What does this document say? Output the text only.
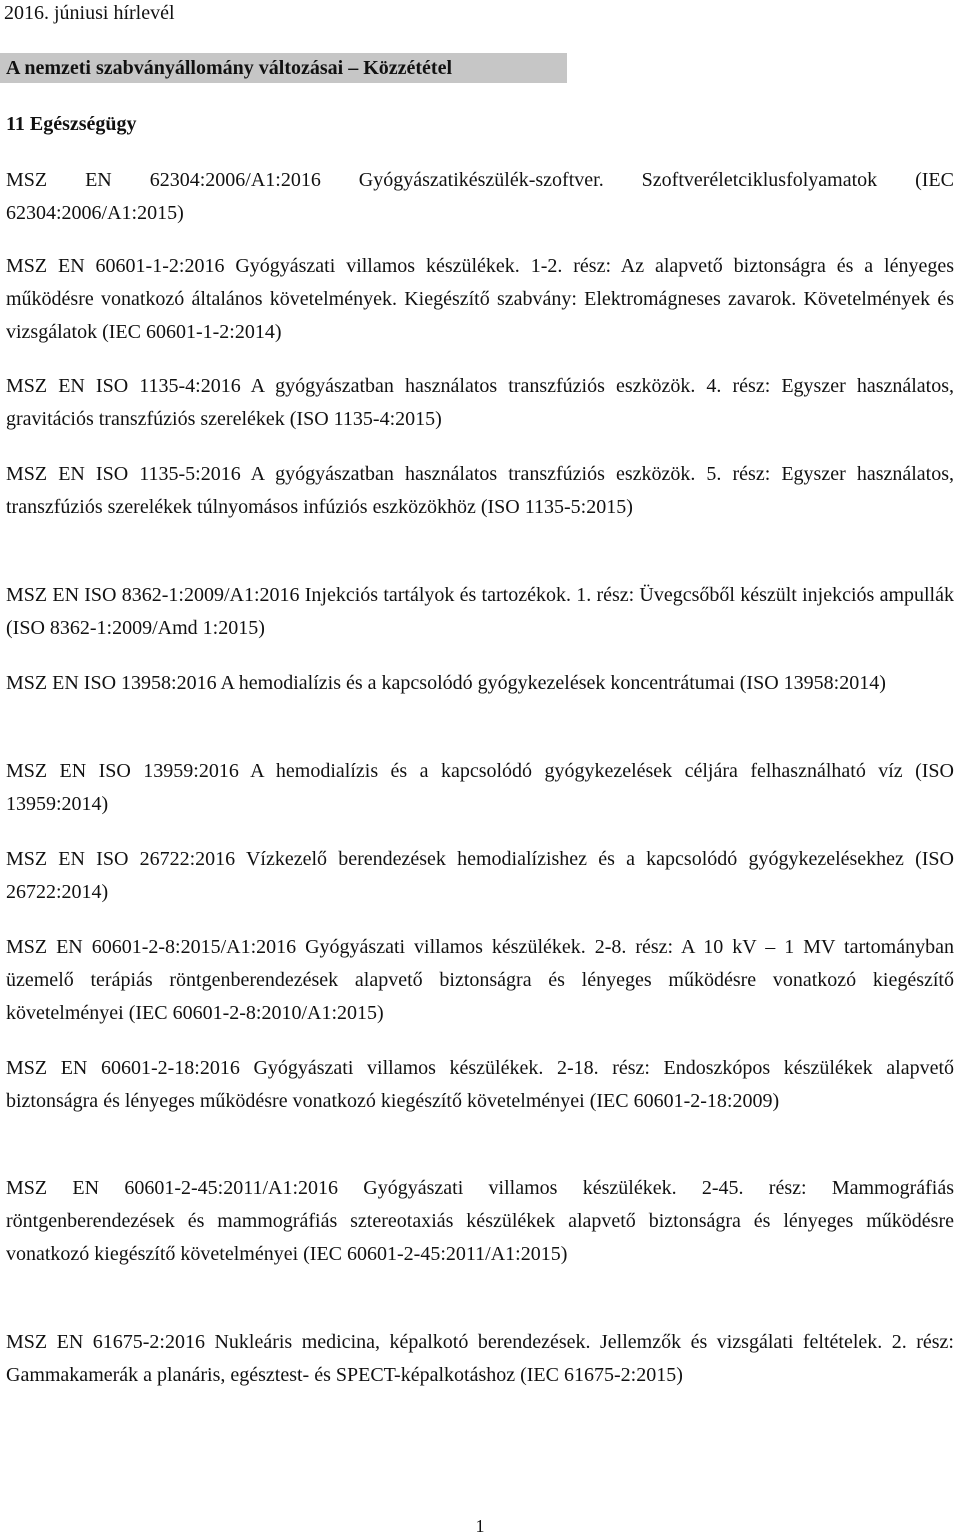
2016. júniusi hírlevél
A nemzeti szabványállomány változásai – Közzététel
11 Egészségügy
MSZ EN 62304:2006/A1:2016 Gyógyászatikészülék-szoftver. Szoftveréletciklusfolyamatok (IEC 62304:2006/A1:2015)
MSZ EN 60601-1-2:2016 Gyógyászati villamos készülékek. 1-2. rész: Az alapvető biztonságra és a lényeges működésre vonatkozó általános követelmények. Kiegészítő szabvány: Elektromágneses zavarok. Követelmények és vizsgálatok (IEC 60601-1-2:2014)
MSZ EN ISO 1135-4:2016 A gyógyászatban használatos transzfúziós eszközök. 4. rész: Egyszer használatos, gravitációs transzfúziós szerelékek (ISO 1135-4:2015)
MSZ EN ISO 1135-5:2016 A gyógyászatban használatos transzfúziós eszközök. 5. rész: Egyszer használatos, transzfúziós szerelékek túlnyomásos infúziós eszközökhöz (ISO 1135-5:2015)
MSZ EN ISO 8362-1:2009/A1:2016 Injekciós tartályok és tartozékok. 1. rész: Üvegcsőből készült injekciós ampullák (ISO 8362-1:2009/Amd 1:2015)
MSZ EN ISO 13958:2016 A hemodialízis és a kapcsolódó gyógykezelések koncentrátumai (ISO 13958:2014)
MSZ EN ISO 13959:2016 A hemodialízis és a kapcsolódó gyógykezelések céljára felhasználható víz (ISO 13959:2014)
MSZ EN ISO 26722:2016 Vízkezelő berendezések hemodialízishez és a kapcsolódó gyógykezelésekhez (ISO 26722:2014)
MSZ EN 60601-2-8:2015/A1:2016 Gyógyászati villamos készülékek. 2-8. rész: A 10 kV – 1 MV tartományban üzemelő terápiás röntgenberendezések alapvető biztonságra és lényeges működésre vonatkozó kiegészítő követelményei (IEC 60601-2-8:2010/A1:2015)
MSZ EN 60601-2-18:2016 Gyógyászati villamos készülékek. 2-18. rész: Endoszkópos készülékek alapvető biztonságra és lényeges működésre vonatkozó kiegészítő követelményei (IEC 60601-2-18:2009)
MSZ EN 60601-2-45:2011/A1:2016 Gyógyászati villamos készülékek. 2-45. rész: Mammográfiás röntgenberendezések és mammográfiás sztereotaxiás készülékek alapvető biztonságra és lényeges működésre vonatkozó kiegészítő követelményei (IEC 60601-2-45:2011/A1:2015)
MSZ EN 61675-2:2016 Nukleáris medicina, képalkotó berendezések. Jellemzők és vizsgálati feltételek. 2. rész: Gammakamerák a planáris, egésztest- és SPECT-képalkotáshoz (IEC 61675-2:2015)
1
